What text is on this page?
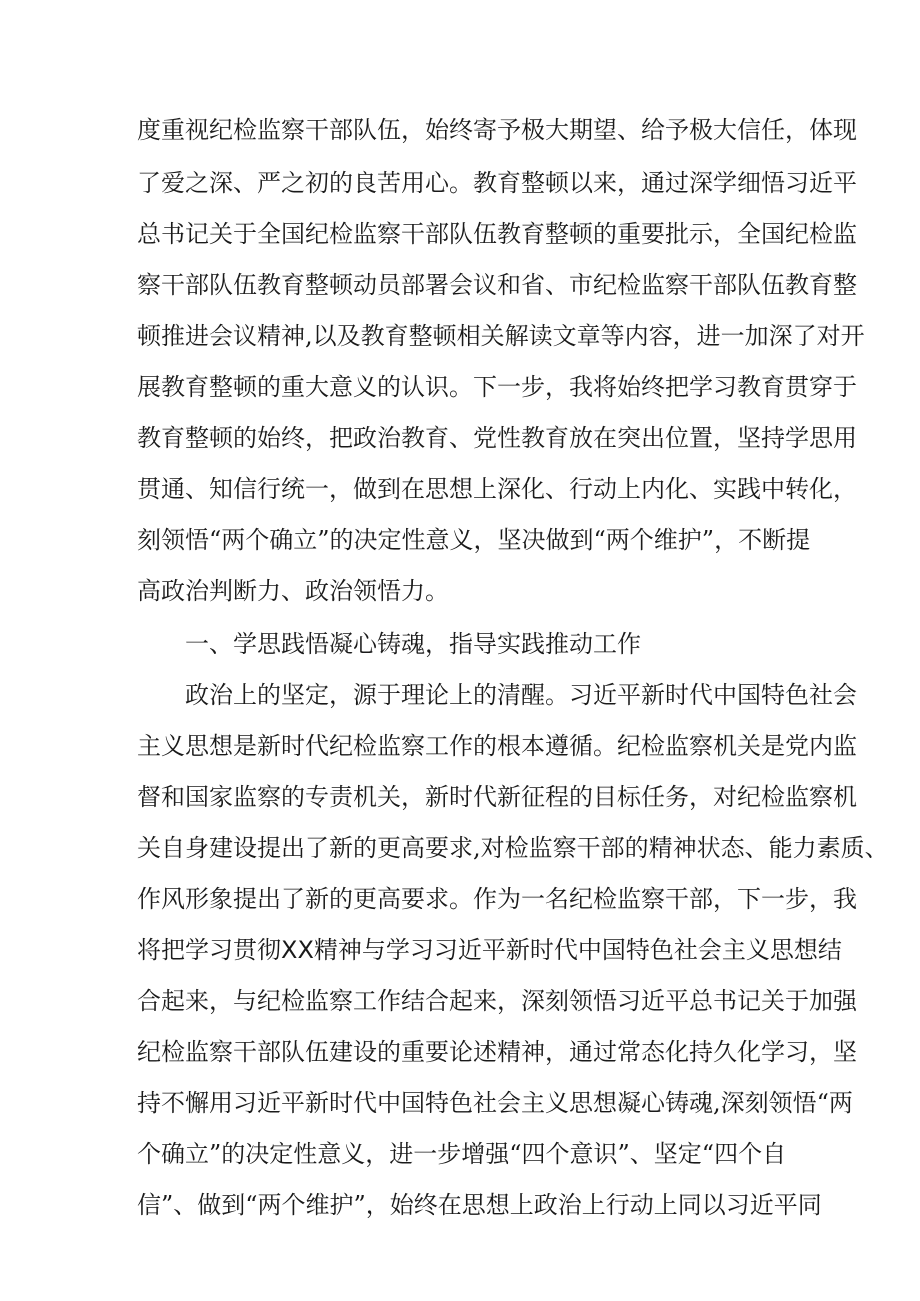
度重视纪检监察干部队伍，始终寄予极大期望、给予极大信任，体现
了爱之深、严之初的良苦用心。教育整顿以来，通过深学细悟习近平
总书记关于全国纪检监察干部队伍教育整顿的重要批示，全国纪检监
察干部队伍教育整顿动员部署会议和省、市纪检监察干部队伍教育整
顿推进会议精神,以及教育整顿相关解读文章等内容，进一加深了对开
展教育整顿的重大意义的认识。下一步，我将始终把学习教育贯穿于
教育整顿的始终，把政治教育、党性教育放在突出位置，坚持学思用
贯通、知信行统一，做到在思想上深化、行动上内化、实践中转化，
刻领悟“两个确立”的决定性意义，坚决做到“两个维护”，不断提
高政治判断力、政治领悟力。
一、学思践悟凝心铸魂，指导实践推动工作
政治上的坚定，源于理论上的清醒。习近平新时代中国特色社会
主义思想是新时代纪检监察工作的根本遵循。纪检监察机关是党内监
督和国家监察的专责机关，新时代新征程的目标任务，对纪检监察机
关自身建设提出了新的更高要求,对检监察干部的精神状态、能力素质、
作风形象提出了新的更高要求。作为一名纪检监察干部，下一步，我
将把学习贯彻XX精神与学习习近平新时代中国特色社会主义思想结
合起来，与纪检监察工作结合起来，深刻领悟习近平总书记关于加强
纪检监察干部队伍建设的重要论述精神，通过常态化持久化学习，坚
持不懈用习近平新时代中国特色社会主义思想凝心铸魂,深刻领悟“两
个确立”的决定性意义，进一步增强“四个意识”、坚定“四个自
信”、做到“两个维护”，始终在思想上政治上行动上同以习近平同
